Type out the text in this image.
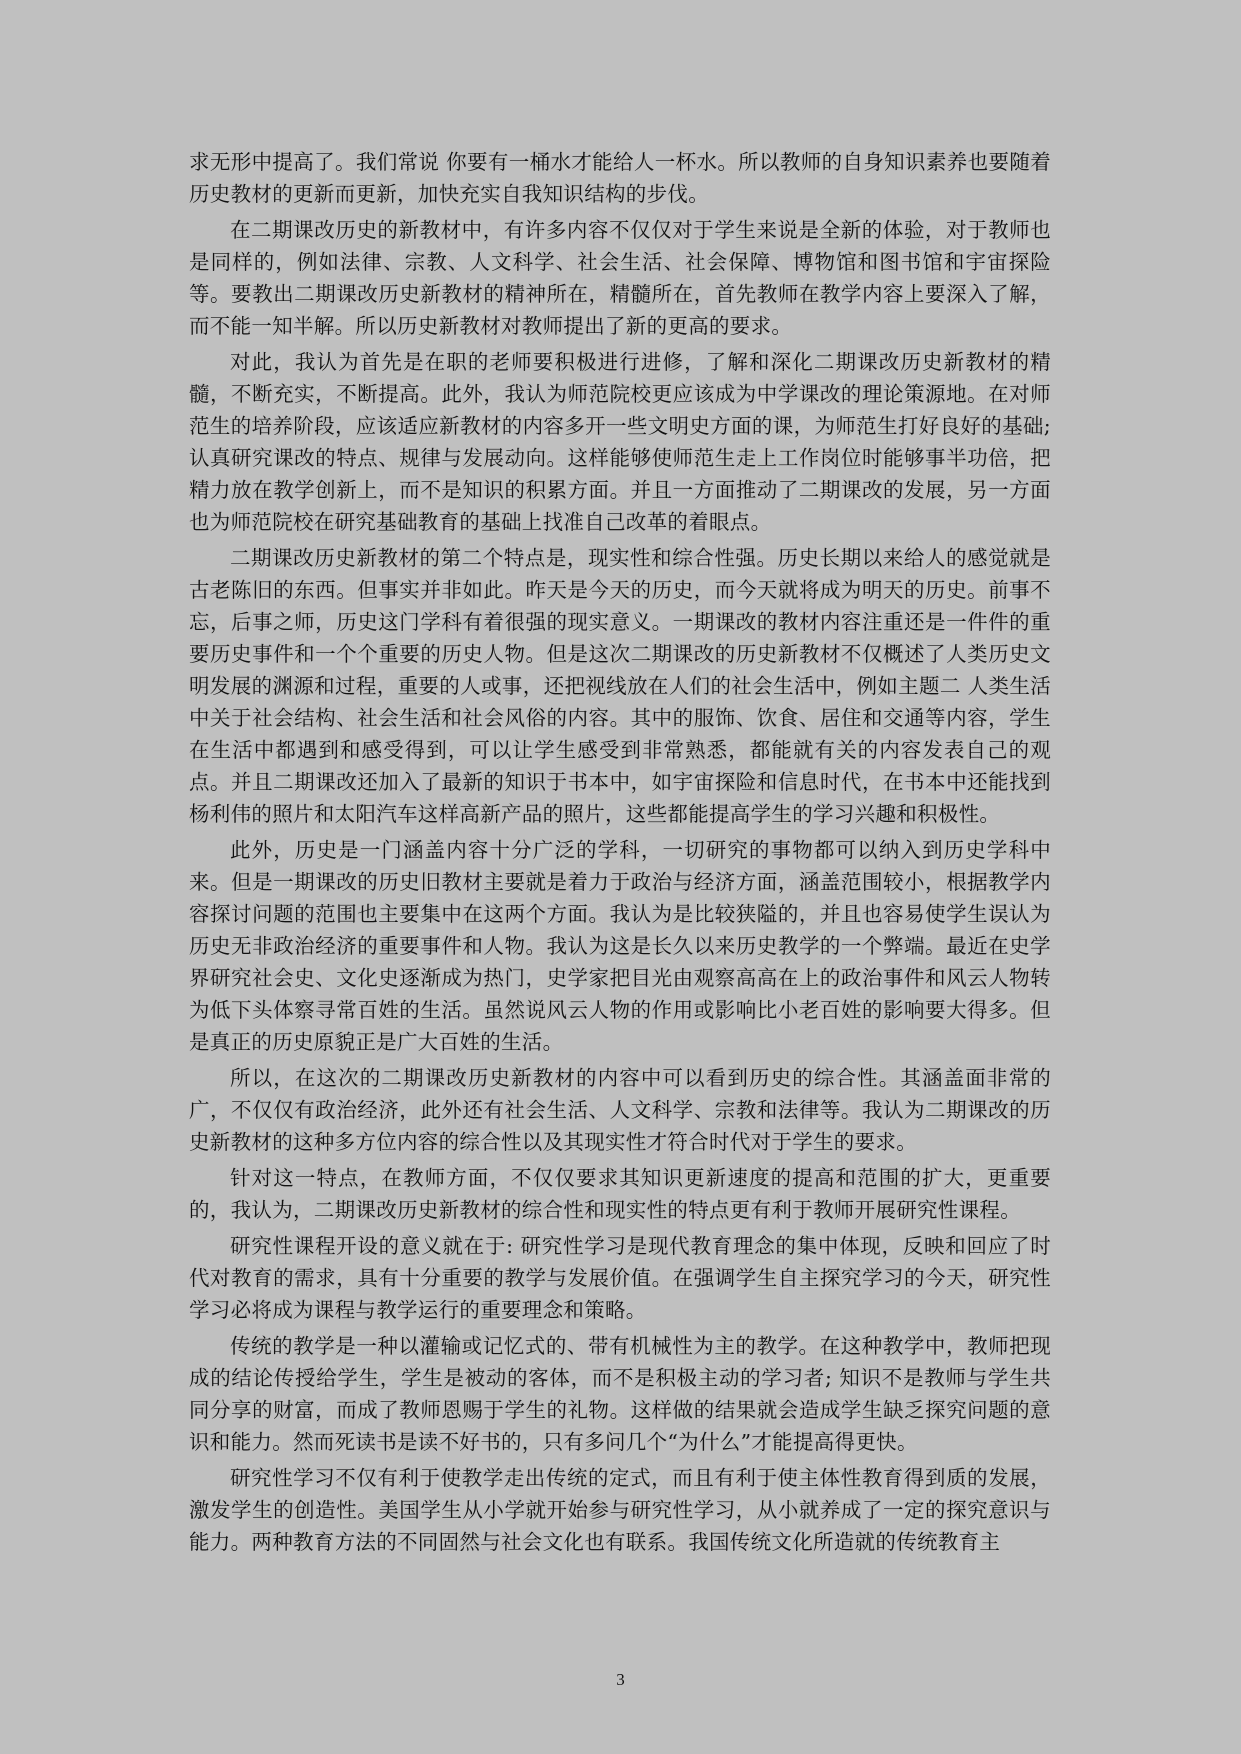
求无形中提高了。我们常说 你要有一桶水才能给人一杯水。所以教师的自身知识素养也要随着历史教材的更新而更新，加快充实自我知识结构的步伐。

在二期课改历史的新教材中，有许多内容不仅仅对于学生来说是全新的体验，对于教师也是同样的，例如法律、宗教、人文科学、社会生活、社会保障、博物馆和图书馆和宇宙探险等。要教出二期课改历史新教材的精神所在，精髓所在，首先教师在教学内容上要深入了解，而不能一知半解。所以历史新教材对教师提出了新的更高的要求。

对此，我认为首先是在职的老师要积极进行进修，了解和深化二期课改历史新教材的精髓，不断充实，不断提高。此外，我认为师范院校更应该成为中学课改的理论策源地。在对师范生的培养阶段，应该适应新教材的内容多开一些文明史方面的课，为师范生打好良好的基础; 认真研究课改的特点、规律与发展动向。这样能够使师范生走上工作岗位时能够事半功倍，把精力放在教学创新上，而不是知识的积累方面。并且一方面推动了二期课改的发展，另一方面也为师范院校在研究基础教育的基础上找准自己改革的着眼点。

二期课改历史新教材的第二个特点是，现实性和综合性强。历史长期以来给人的感觉就是古老陈旧的东西。但事实并非如此。昨天是今天的历史，而今天就将成为明天的历史。前事不忘，后事之师，历史这门学科有着很强的现实意义。一期课改的教材内容注重还是一件件的重要历史事件和一个个重要的历史人物。但是这次二期课改的历史新教材不仅概述了人类历史文明发展的渊源和过程，重要的人或事，还把视线放在人们的社会生活中，例如主题二 人类生活中关于社会结构、社会生活和社会风俗的内容。其中的服饰、饮食、居住和交通等内容，学生在生活中都遇到和感受得到，可以让学生感受到非常熟悉，都能就有关的内容发表自己的观点。并且二期课改还加入了最新的知识于书本中，如宇宙探险和信息时代，在书本中还能找到杨利伟的照片和太阳汽车这样高新产品的照片，这些都能提高学生的学习兴趣和积极性。

此外，历史是一门涵盖内容十分广泛的学科，一切研究的事物都可以纳入到历史学科中来。但是一期课改的历史旧教材主要就是着力于政治与经济方面，涵盖范围较小，根据教学内容探讨问题的范围也主要集中在这两个方面。我认为是比较狭隘的，并且也容易使学生误认为历史无非政治经济的重要事件和人物。我认为这是长久以来历史教学的一个弊端。最近在史学界研究社会史、文化史逐渐成为热门，史学家把目光由观察高高在上的政治事件和风云人物转为低下头体察寻常百姓的生活。虽然说风云人物的作用或影响比小老百姓的影响要大得多。但是真正的历史原貌正是广大百姓的生活。

所以，在这次的二期课改历史新教材的内容中可以看到历史的综合性。其涵盖面非常的广，不仅仅有政治经济，此外还有社会生活、人文科学、宗教和法律等。我认为二期课改的历史新教材的这种多方位内容的综合性以及其现实性才符合时代对于学生的要求。

针对这一特点，在教师方面，不仅仅要求其知识更新速度的提高和范围的扩大，更重要的，我认为，二期课改历史新教材的综合性和现实性的特点更有利于教师开展研究性课程。

研究性课程开设的意义就在于: 研究性学习是现代教育理念的集中体现，反映和回应了时代对教育的需求，具有十分重要的教学与发展价值。在强调学生自主探究学习的今天，研究性学习必将成为课程与教学运行的重要理念和策略。

传统的教学是一种以灌输或记忆式的、带有机械性为主的教学。在这种教学中，教师把现成的结论传授给学生，学生是被动的客体，而不是积极主动的学习者; 知识不是教师与学生共同分享的财富，而成了教师恩赐于学生的礼物。这样做的结果就会造成学生缺乏探究问题的意识和能力。然而死读书是读不好书的，只有多问几个“为什么”才能提高得更快。

研究性学习不仅有利于使教学走出传统的定式，而且有利于使主体性教育得到质的发展，激发学生的创造性。美国学生从小学就开始参与研究性学习，从小就养成了一定的探究意识与能力。两种教育方法的不同固然与社会文化也有联系。我国传统文化所造就的传统教育主

3
